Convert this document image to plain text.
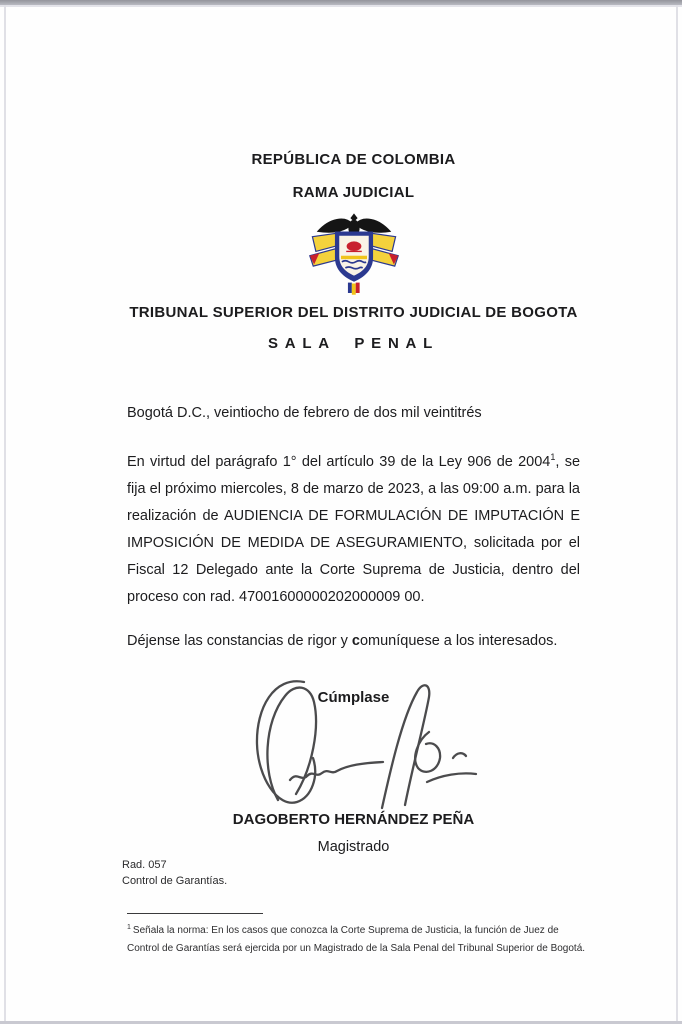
REPÚBLICA DE COLOMBIA
RAMA JUDICIAL
TRIBUNAL SUPERIOR DEL DISTRITO JUDICIAL DE BOGOTA
SALA PENAL
Bogotá D.C., veintiocho de febrero de dos mil veintitrés
En virtud del parágrafo 1° del artículo 39 de la Ley 906 de 2004$^1$, se fija el próximo miercoles, 8 de marzo de 2023, a las 09:00 a.m. para la realización de AUDIENCIA DE FORMULACIÓN DE IMPUTACIÓN E IMPOSICIÓN DE MEDIDA DE ASEGURAMIENTO, solicitada por el Fiscal 12 Delegado ante la Corte Suprema de Justicia, dentro del proceso con rad. 47001600000202000009 00.
Déjense las constancias de rigor y comuníquese a los interesados.
Cúmplase
DAGOBERTO HERNÁNDEZ PEÑA
Magistrado
Rad. 057
Control de Garantías.
$^1$ Señala la norma: En los casos que conozca la Corte Suprema de Justicia, la función de Juez de Control de Garantías será ejercida por un Magistrado de la Sala Penal del Tribunal Superior de Bogotá.
